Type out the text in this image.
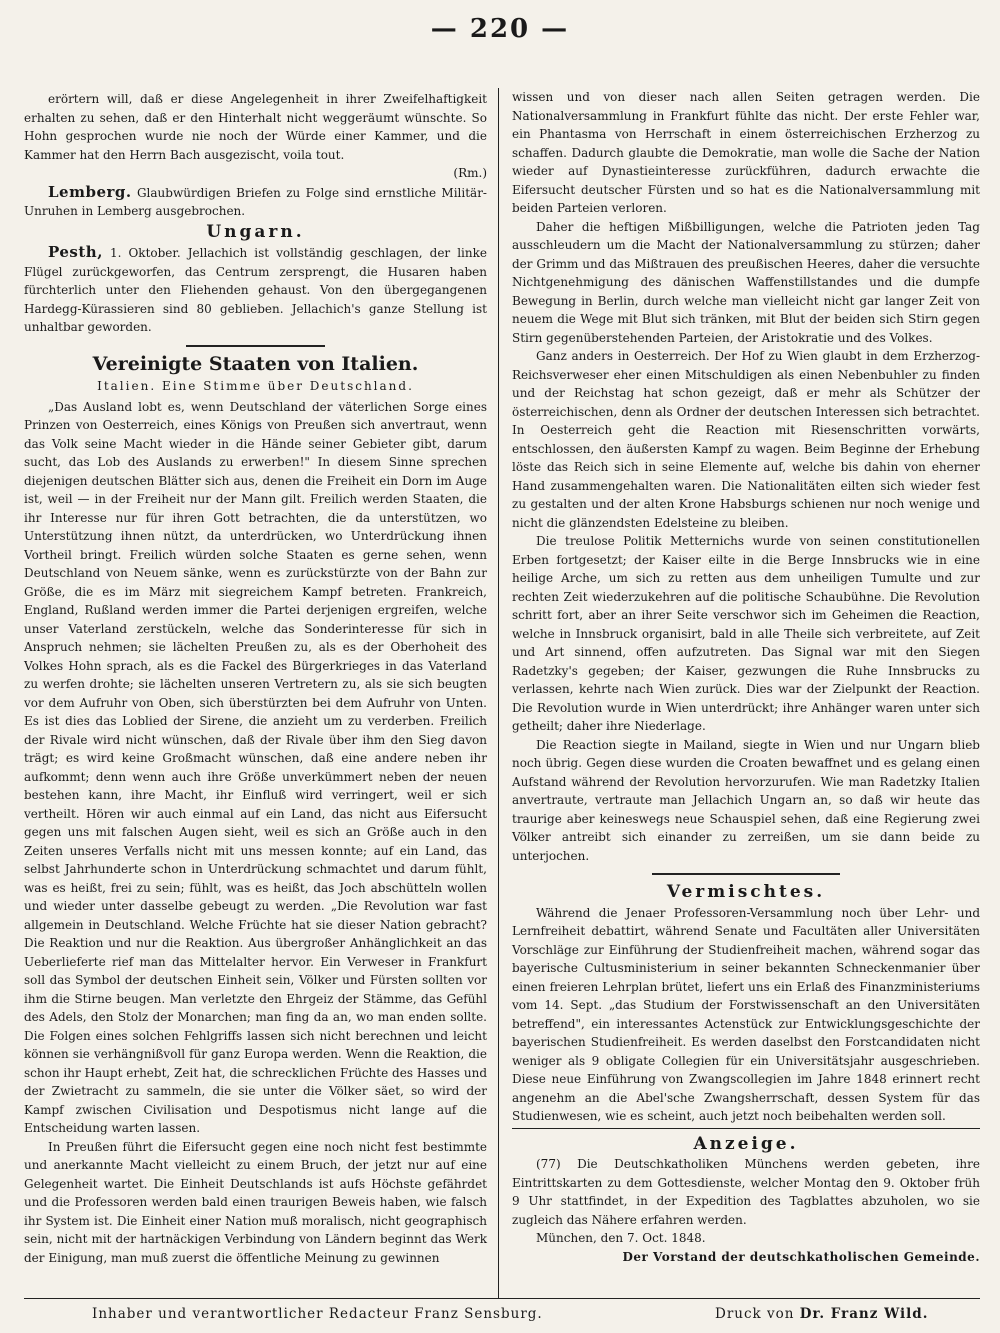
— 220 —

erörtern will, daß er diese Angelegenheit in ihrer Zweifelhaftigkeit erhalten zu sehen, daß er den Hinterhalt nicht weggeräumt wünschte. So Hohn gesprochen wurde nie noch der Würde einer Kammer, und die Kammer hat den Herrn Bach ausgezischt, voila tout.

(Rm.)

Lemberg. Glaubwürdigen Briefen zu Folge sind ernstliche Militär-Unruhen in Lemberg ausgebrochen.

Ungarn.

Pesth, 1. Oktober. Jellachich ist vollständig geschlagen, der linke Flügel zurückgeworfen, das Centrum zersprengt, die Husaren haben fürchterlich unter den Fliehenden gehaust. Von den übergegangenen Hardegg-Kürassieren sind 80 geblieben. Jellachich's ganze Stellung ist unhaltbar geworden.

Vereinigte Staaten von Italien.
Italien. Eine Stimme über Deutschland.

„Das Ausland lobt es, wenn Deutschland der väterlichen Sorge eines Prinzen von Oesterreich, eines Königs von Preußen sich anvertraut, wenn das Volk seine Macht wieder in die Hände seiner Gebieter gibt, darum sucht, das Lob des Auslands zu erwerben!" In diesem Sinne sprechen diejenigen deutschen Blätter sich aus, denen die Freiheit ein Dorn im Auge ist, weil — in der Freiheit nur der Mann gilt. Freilich werden Staaten, die ihr Interesse nur für ihren Gott betrachten, die da unterstützen, wo Unterstützung ihnen nützt, da unterdrücken, wo Unterdrückung ihnen Vortheil bringt. Freilich würden solche Staaten es gerne sehen, wenn Deutschland von Neuem sänke, wenn es zurückstürzte von der Bahn zur Größe, die es im März mit siegreichem Kampf betreten. Frankreich, England, Rußland werden immer die Partei derjenigen ergreifen, welche unser Vaterland zerstückeln, welche das Sonderinteresse für sich in Anspruch nehmen; sie lächelten Preußen zu, als es der Oberhoheit des Volkes Hohn sprach, als es die Fackel des Bürgerkrieges in das Vaterland zu werfen drohte; sie lächelten unseren Vertretern zu, als sie sich beugten vor dem Aufruhr von Oben, sich überstürzten bei dem Aufruhr von Unten. Es ist dies das Loblied der Sirene, die anzieht um zu verderben. Freilich der Rivale wird nicht wünschen, daß der Rivale über ihm den Sieg davon trägt; es wird keine Großmacht wünschen, daß eine andere neben ihr aufkommt; denn wenn auch ihre Größe unverkümmert neben der neuen bestehen kann, ihre Macht, ihr Einfluß wird verringert, weil er sich vertheilt. Hören wir auch einmal auf ein Land, das nicht aus Eifersucht gegen uns mit falschen Augen sieht, weil es sich an Größe auch in den Zeiten unseres Verfalls nicht mit uns messen konnte; auf ein Land, das selbst Jahrhunderte schon in Unterdrückung schmachtet und darum fühlt, was es heißt, frei zu sein; fühlt, was es heißt, das Joch abschütteln wollen und wieder unter dasselbe gebeugt zu werden. „Die Revolution war fast allgemein in Deutschland. Welche Früchte hat sie dieser Nation gebracht? Die Reaktion und nur die Reaktion. Aus übergroßer Anhänglichkeit an das Ueberlieferte rief man das Mittelalter hervor. Ein Verweser in Frankfurt soll das Symbol der deutschen Einheit sein, Völker und Fürsten sollten vor ihm die Stirne beugen. Man verletzte den Ehrgeiz der Stämme, das Gefühl des Adels, den Stolz der Monarchen; man fing da an, wo man enden sollte. Die Folgen eines solchen Fehlgriffs lassen sich nicht berechnen und leicht können sie verhängnißvoll für ganz Europa werden. Wenn die Reaktion, die schon ihr Haupt erhebt, Zeit hat, die schrecklichen Früchte des Hasses und der Zwietracht zu sammeln, die sie unter die Völker säet, so wird der Kampf zwischen Civilisation und Despotismus nicht lange auf die Entscheidung warten lassen.

In Preußen führt die Eifersucht gegen eine noch nicht fest bestimmte und anerkannte Macht vielleicht zu einem Bruch, der jetzt nur auf eine Gelegenheit wartet. Die Einheit Deutschlands ist aufs Höchste gefährdet und die Professoren werden bald einen traurigen Beweis haben, wie falsch ihr System ist. Die Einheit einer Nation muß moralisch, nicht geographisch sein, nicht mit der hartnäckigen Verbindung von Ländern beginnt das Werk der Einigung, man muß zuerst die öffentliche Meinung zu gewinnen

wissen und von dieser nach allen Seiten getragen werden. Die Nationalversammlung in Frankfurt fühlte das nicht. Der erste Fehler war, ein Phantasma von Herrschaft in einem österreichischen Erzherzog zu schaffen. Dadurch glaubte die Demokratie, man wolle die Sache der Nation wieder auf Dynastieinteresse zurückführen, dadurch erwachte die Eifersucht deutscher Fürsten und so hat es die Nationalversammlung mit beiden Parteien verloren.

Daher die heftigen Mißbilligungen, welche die Patrioten jeden Tag ausschleudern um die Macht der Nationalversammlung zu stürzen; daher der Grimm und das Mißtrauen des preußischen Heeres, daher die versuchte Nichtgenehmigung des dänischen Waffenstillstandes und die dumpfe Bewegung in Berlin, durch welche man vielleicht nicht gar langer Zeit von neuem die Wege mit Blut sich tränken, mit Blut der beiden sich Stirn gegen Stirn gegenüberstehenden Parteien, der Aristokratie und des Volkes.

Ganz anders in Oesterreich. Der Hof zu Wien glaubt in dem Erzherzog-Reichsverweser eher einen Mitschuldigen als einen Nebenbuhler zu finden und der Reichstag hat schon gezeigt, daß er mehr als Schützer der österreichischen, denn als Ordner der deutschen Interessen sich betrachtet. In Oesterreich geht die Reaction mit Riesenschritten vorwärts, entschlossen, den äußersten Kampf zu wagen. Beim Beginne der Erhebung löste das Reich sich in seine Elemente auf, welche bis dahin von eherner Hand zusammengehalten waren. Die Nationalitäten eilten sich wieder fest zu gestalten und der alten Krone Habsburgs schienen nur noch wenige und nicht die glänzendsten Edelsteine zu bleiben.

Die treulose Politik Metternichs wurde von seinen constitutionellen Erben fortgesetzt; der Kaiser eilte in die Berge Innsbrucks wie in eine heilige Arche, um sich zu retten aus dem unheiligen Tumulte und zur rechten Zeit wiederzukehren auf die politische Schaubühne. Die Revolution schritt fort, aber an ihrer Seite verschwor sich im Geheimen die Reaction, welche in Innsbruck organisirt, bald in alle Theile sich verbreitete, auf Zeit und Art sinnend, offen aufzutreten. Das Signal war mit den Siegen Radetzky's gegeben; der Kaiser, gezwungen die Ruhe Innsbrucks zu verlassen, kehrte nach Wien zurück. Dies war der Zielpunkt der Reaction. Die Revolution wurde in Wien unterdrückt; ihre Anhänger waren unter sich getheilt; daher ihre Niederlage.

Die Reaction siegte in Mailand, siegte in Wien und nur Ungarn blieb noch übrig. Gegen diese wurden die Croaten bewaffnet und es gelang einen Aufstand während der Revolution hervorzurufen. Wie man Radetzky Italien anvertraute, vertraute man Jellachich Ungarn an, so daß wir heute das traurige aber keineswegs neue Schauspiel sehen, daß eine Regierung zwei Völker antreibt sich einander zu zerreißen, um sie dann beide zu unterjochen.

Vermischtes.

Während die Jenaer Professoren-Versammlung noch über Lehr- und Lernfreiheit debattirt, während Senate und Facultäten aller Universitäten Vorschläge zur Einführung der Studienfreiheit machen, während sogar das bayerische Cultusministerium in seiner bekannten Schneckenmanier über einen freieren Lehrplan brütet, liefert uns ein Erlaß des Finanzministeriums vom 14. Sept. „das Studium der Forstwissenschaft an den Universitäten betreffend", ein interessantes Actenstück zur Entwicklungsgeschichte der bayerischen Studienfreiheit. Es werden daselbst den Forstcandidaten nicht weniger als 9 obligate Collegien für ein Universitätsjahr ausgeschrieben. Diese neue Einführung von Zwangscollegien im Jahre 1848 erinnert recht angenehm an die Abel'sche Zwangsherrschaft, dessen System für das Studienwesen, wie es scheint, auch jetzt noch beibehalten werden soll.

Anzeige.

(77) Die Deutschkatholiken Münchens werden gebeten, ihre Eintrittskarten zu dem Gottesdienste, welcher Montag den 9. Oktober früh 9 Uhr stattfindet, in der Expedition des Tagblattes abzuholen, wo sie zugleich das Nähere erfahren werden.

München, den 7. Oct. 1848.

Der Vorstand der deutschkatholischen Gemeinde.

Inhaber und verantwortlicher Redacteur Franz Sensburg.	Druck von Dr. Franz Wild.
